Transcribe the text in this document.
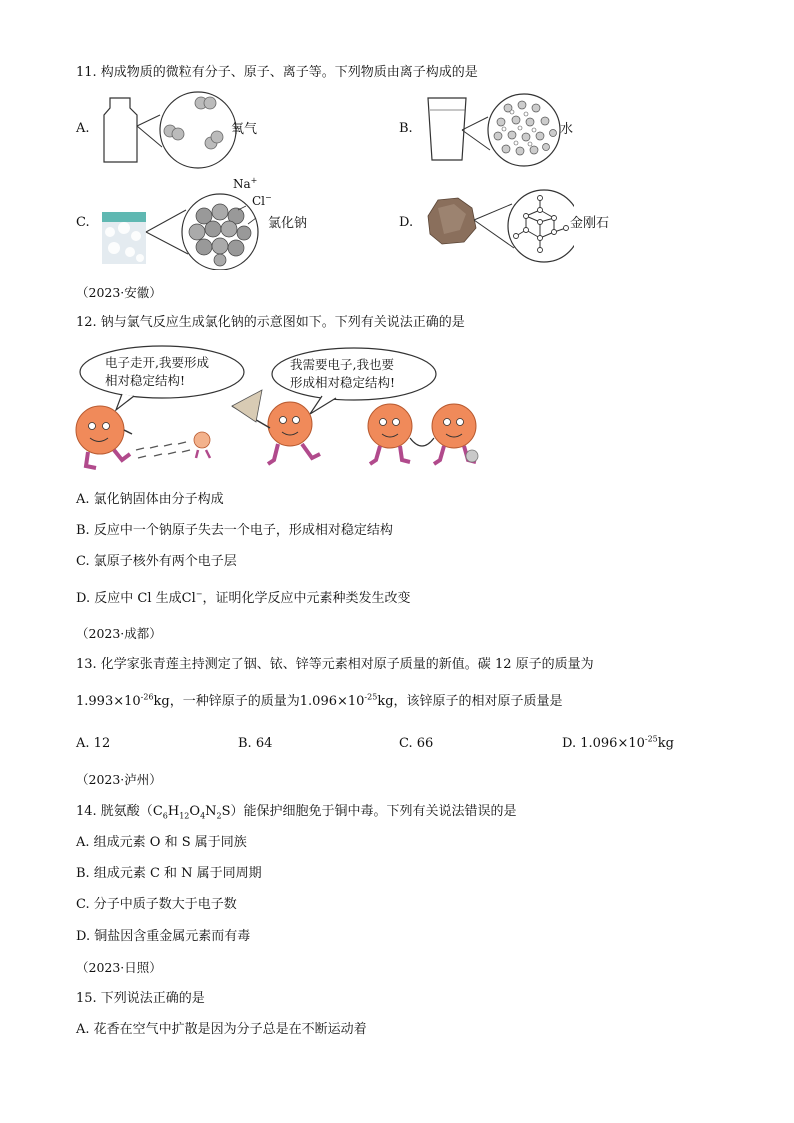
11. 构成物质的微粒有分子、原子、离子等。下列物质由离子构成的是
A.	氧气	B.	水
C.
Na+
Cl−
氯化钠	D.	金刚石
（2023·安徽）
12. 钠与氯气反应生成氯化钠的示意图如下。下列有关说法正确的是
电子走开,我要形成
相对稳定结构!
我需要电子,我也要
形成相对稳定结构!
A. 氯化钠固体由分子构成
B. 反应中一个钠原子失去一个电子，形成相对稳定结构
C. 氯原子核外有两个电子层
D. 反应中 Cl 生成Cl−，证明化学反应中元素种类发生改变
（2023·成都）
13. 化学家张青莲主持测定了铟、铱、锌等元素相对原子质量的新值。碳 12 原子的质量为
$1.993\times 10^{-26}kg$，一种锌原子的质量为$1.096\times 10^{-25}kg$，该锌原子的相对原子质量是
A. 12	B. 64	C. 66	D. $1.096\times 10^{-25}kg$
（2023·泸州）
14. 胱氨酸$(C_6H_{12}O_4N_2S)$能保护细胞免于铜中毒。下列有关说法错误的是
A. 组成元素 O 和 S 属于同族
B. 组成元素 C 和 N 属于同周期
C. 分子中质子数大于电子数
D. 铜盐因含重金属元素而有毒
（2023·日照）
15. 下列说法正确的是
A. 花香在空气中扩散是因为分子总是在不断运动着
